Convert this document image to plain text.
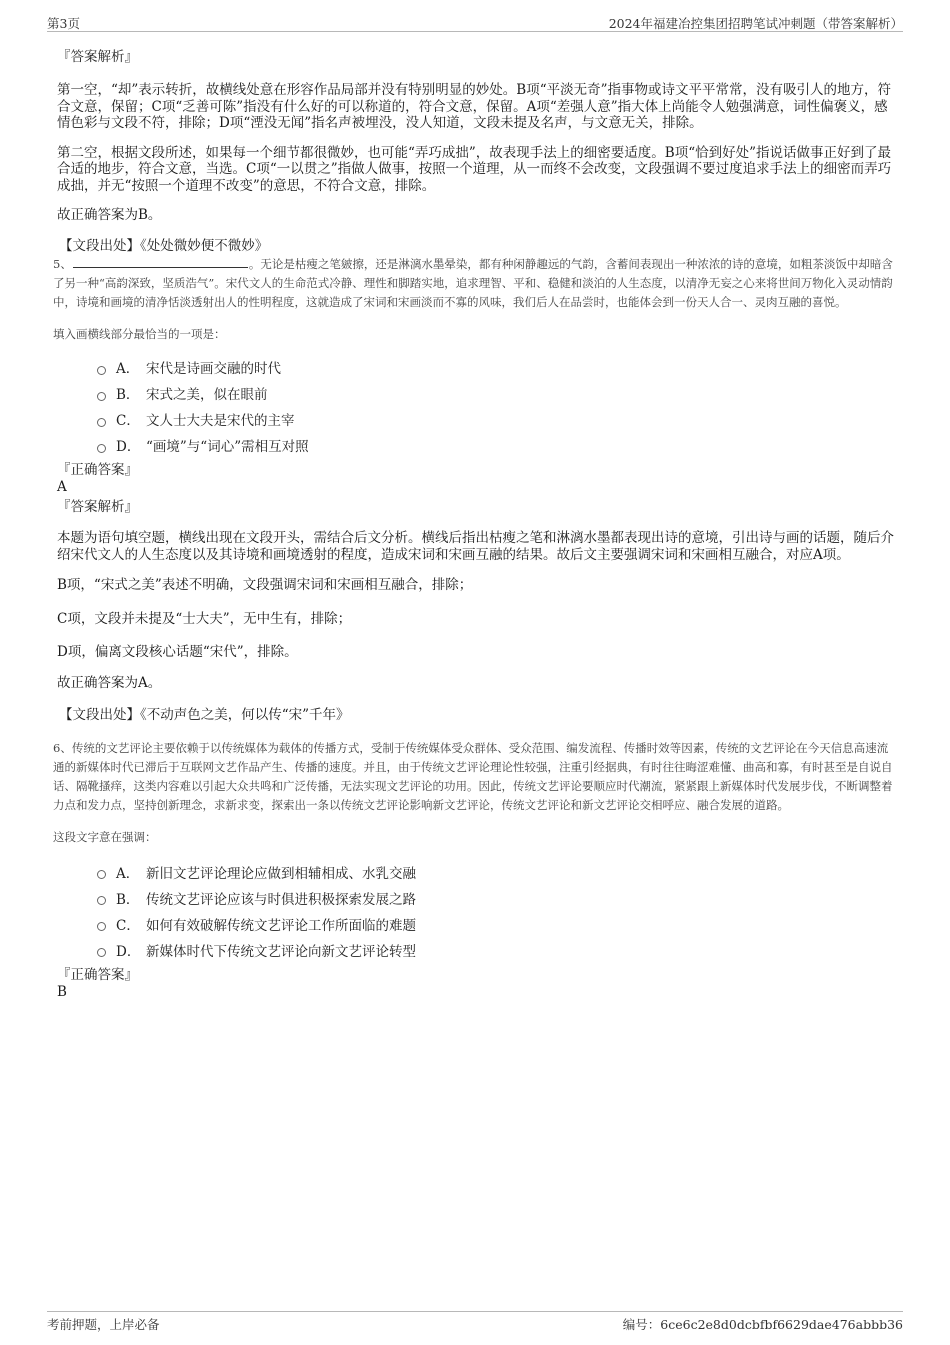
第3页	2024年福建冶控集团招聘笔试冲刺题（带答案解析）
『答案解析』

第一空，“却”表示转折，故横线处意在形容作品局部并没有特别明显的妙处。B项“平淡无奇”指事物或诗文平平常常，没有吸引人的地方，符合文意，保留；C项“乏善可陈”指没有什么好的可以称道的，符合文意，保留。A项“差强人意”指大体上尚能令人勉强满意，词性偏褒义，感情色彩与文段不符，排除；D项“湮没无闻”指名声被埋没，没人知道，文段未提及名声，与文意无关，排除。

第二空，根据文段所述，如果每一个细节都很微妙，也可能“弄巧成拙”，故表现手法上的细密要适度。B项“恰到好处”指说话做事正好到了最合适的地步，符合文意，当选。C项“一以贯之”指做人做事，按照一个道理，从一而终不会改变，文段强调不要过度追求手法上的细密而弄巧成拙，并无“按照一个道理不改变”的意思，不符合文意，排除。

故正确答案为B。

【文段出处】《处处微妙便不微妙》

5、	。无论是枯瘦之笔皴擦，还是淋漓水墨晕染，都有种闲静趣远的气韵，含蓄间表现出一种浓浓的诗的意境，如粗茶淡饭中却暗含了另一种“高韵深致，坚质浩气”。宋代文人的生命范式冷静、理性和脚踏实地，追求理智、平和、稳健和淡泊的人生态度，以清净无妄之心来将世间万物化入灵动情韵中，诗境和画境的清净恬淡透射出人的性明程度，这就造成了宋词和宋画淡而不寡的风味，我们后人在品尝时，也能体会到一份天人合一、灵肉互融的喜悦。

填入画横线部分最恰当的一项是：

A． 宋代是诗画交融的时代
B． 宋式之美，似在眼前
C． 文人士大夫是宋代的主宰
D． “画境”与“词心”需相互对照
『正确答案』
A
『答案解析』

本题为语句填空题，横线出现在文段开头，需结合后文分析。横线后指出枯瘦之笔和淋漓水墨都表现出诗的意境，引出诗与画的话题，随后介绍宋代文人的人生态度以及其诗境和画境透射的程度，造成宋词和宋画互融的结果。故后文主要强调宋词和宋画相互融合，对应A项。

B项，“宋式之美”表述不明确，文段强调宋词和宋画相互融合，排除；

C项，文段并未提及“士大夫”，无中生有，排除；

D项，偏离文段核心话题“宋代”，排除。

故正确答案为A。

【文段出处】《不动声色之美，何以传“宋”千年》

6、传统的文艺评论主要依赖于以传统媒体为载体的传播方式，受制于传统媒体受众群体、受众范围、编发流程、传播时效等因素，传统的文艺评论在今天信息高速流通的新媒体时代已滞后于互联网文艺作品产生、传播的速度。并且，由于传统文艺评论理论性较强，注重引经据典，有时往往晦涩难懂、曲高和寡，有时甚至是自说自话、隔靴搔痒，这类内容难以引起大众共鸣和广泛传播，无法实现文艺评论的功用。因此，传统文艺评论要顺应时代潮流，紧紧跟上新媒体时代发展步伐，不断调整着力点和发力点，坚持创新理念，求新求变，探索出一条以传统文艺评论影响新文艺评论，传统文艺评论和新文艺评论交相呼应、融合发展的道路。

这段文字意在强调：

A． 新旧文艺评论理论应做到相辅相成、水乳交融
B． 传统文艺评论应该与时俱进积极探索发展之路
C． 如何有效破解传统文艺评论工作所面临的难题
D． 新媒体时代下传统文艺评论向新文艺评论转型
『正确答案』
B
考前押题，上岸必备	编号：6ce6c2e8d0dcbfbf6629dae476abbb36
